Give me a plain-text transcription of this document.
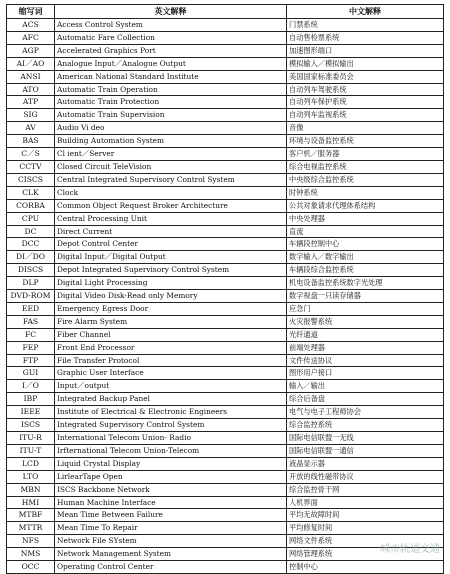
缩写词	英文解释	中文解释
ACS	Access Control System	门禁系统
AFC	Automatic Fare Collection	自动售检票系统
AGP	Accelerated Graphics Port	加速图形端口
AI／AO	Analogue Input／Analogue Output	模拟输入／模拟输出
ANSI	American National Standard Institute	美国国家标准委员会
ATO	Automatic Train Operation	自动列车驾驶系统
ATP	Automatic Train Protection	自动列车保护系统
SIG	Automatic Train Supervision	自动列车监视系统
AV	Audio Vi deo	音像
BAS	Building Automation System	环境与设备监控系统
C／S	Cl ient／Server	客户机／服务器
CCTV	Closed Circuit TeleVision	综合电视监控系统
CISCS	Central Integrated Supervisory Control System	中央级综合监控系统
CLK	Clock	时钟系统
CORBA	Common Object Request Broker Architecture	公共对象请求代理体系结构
CPU	Central Processing Unit	中央处理器
DC	Direct Current	直流
DCC	Depot Control Center	车辆段控制中心
DI／DO	Digital Input／Digital Output	数字输入／数字输出
DISCS	Depot Integrated Supervisory Control System	车辆段综合监控系统
DLP	Digital Light Processing	机电设备监控系统数字光处理
DVD-ROM	Digital Video Disk-Read only Memory	数字视盘一只读存储器
EED	Emergency Egress Door	应急门
FAS	Fire Alarm System	火灾报警系统
FC	Fiber Channel	光纤通道
FEP	Front End Processor	前端处理器
FTP	File Transfer Protocol	文件传送协议
GUI	Graphic User Interface	图形用户接口
I／O	Input／output	输入／输出
IBP	Integrated Backup Panel	综合后备盘
IEEE	Institute of Electrical & Electronic Engineers	电气与电子工程师协会
ISCS	Integrated Supervisory Control System	综合监控系统
ITU-R	International Telecom Union- Radio	国际电信联盟一无线
ITU-T	Irfternational Telecom Union-Telecom	国际电信联盟一通信
LCD	Liquid Crystal Display	液晶显示器
LTO	LirlearTape Open	开放的线性磁带协议
MBN	ISCS Backbone Network	综合监控骨干网
HMI	Human Machine Interface	人机界面
MTBF	Mean Time Between Failure	平均无故障时间
MTTR	Mean Time To Repair	平均修复时间
NFS	Network File SYstem	网络文件系统
NMS	Network Management System	网络管理系统
OCC	Operating Control Center	控制中心
城市轨道交通
